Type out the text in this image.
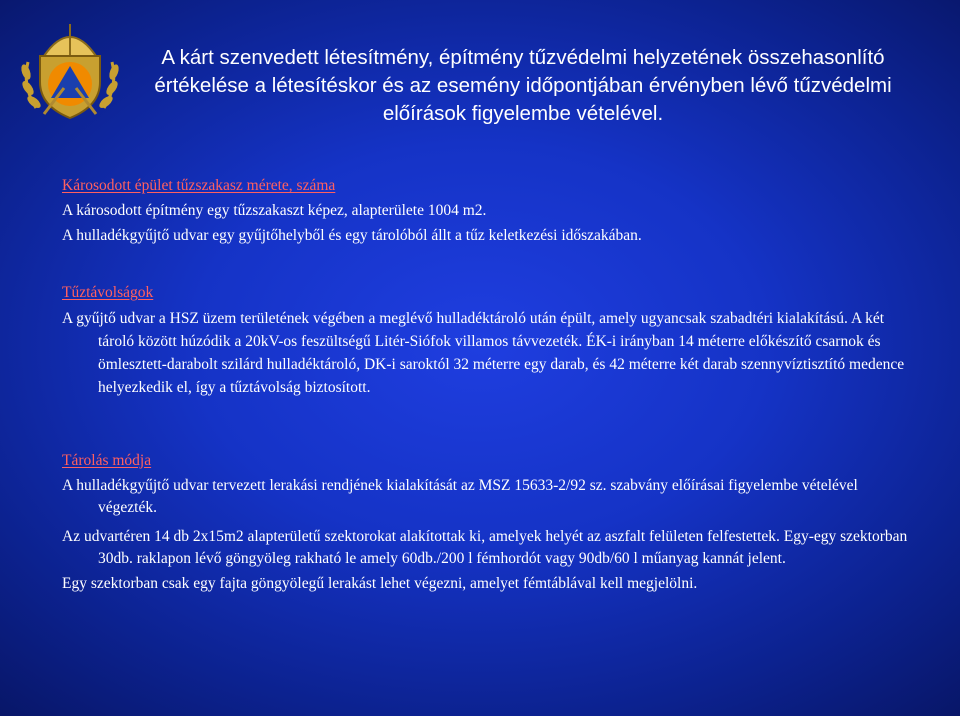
A kárt szenvedett létesítmény, építmény tűzvédelmi helyzetének összehasonlító
értékelése a létesítéskor és az esemény időpontjában érvényben lévő tűzvédelmi
előírások figyelembe vételével.
Károsodott épület tűzszakasz mérete, száma
A károsodott építmény egy tűzszakaszt képez, alapterülete 1004 m2.
A hulladékgyűjtő udvar egy gyűjtőhelyből és egy tárolóból állt a tűz keletkezési időszakában.
Tűztávolságok
A gyűjtő udvar a HSZ üzem területének végében a meglévő hulladéktároló után épült, amely ugyancsak szabadtéri kialakítású. A két tároló között húzódik a 20kV-os feszültségű Litér-Siófok villamos távvezeték. ÉK-i irányban 14 méterre előkészítő csarnok és ömlesztett-darabolt szilárd hulladéktároló, DK-i saroktól 32 méterre egy darab, és 42 méterre két darab szennyvíztisztító medence helyezkedik el, így a tűztávolság biztosított.
Tárolás módja
A hulladékgyűjtő udvar tervezett lerakási rendjének kialakítását az MSZ 15633-2/92 sz. szabvány előírásai figyelembe vételével végezték.
Az udvartéren 14 db 2x15m2 alapterületű szektorokat alakítottak ki, amelyek helyét az aszfalt felületen felfestettek. Egy-egy szektorban 30db. raklapon lévő göngyöleg rakható le amely 60db./200 l fémhordót vagy 90db/60 l műanyag kannát jelent.
Egy szektorban csak egy fajta göngyölegű lerakást lehet végezni, amelyet fémtáblával kell megjelölni.
